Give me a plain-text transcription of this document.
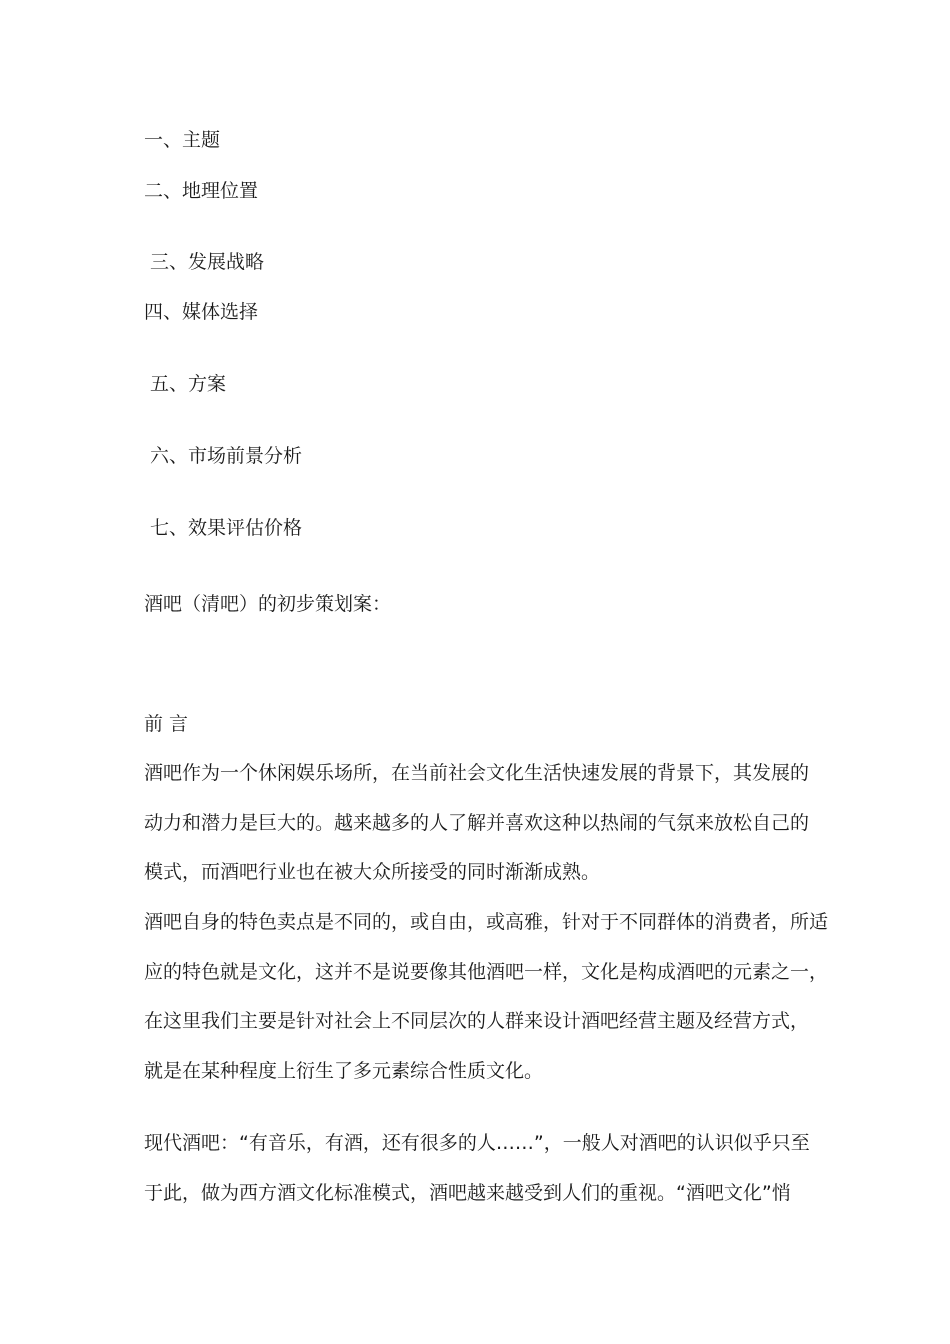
一、主题
二、地理位置
三、发展战略
四、媒体选择
五、方案
六、市场前景分析
七、效果评估价格
酒吧（清吧）的初步策划案：
前 言
酒吧作为一个休闲娱乐场所，在当前社会文化生活快速发展的背景下，其发展的
动力和潜力是巨大的。越来越多的人了解并喜欢这种以热闹的气氛来放松自己的
模式，而酒吧行业也在被大众所接受的同时渐渐成熟。
酒吧自身的特色卖点是不同的，或自由，或高雅，针对于不同群体的消费者，所适
应的特色就是文化，这并不是说要像其他酒吧一样，文化是构成酒吧的元素之一，
在这里我们主要是针对社会上不同层次的人群来设计酒吧经营主题及经营方式，
就是在某种程度上衍生了多元素综合性质文化。
现代酒吧：“有音乐，有酒，还有很多的人……”，一般人对酒吧的认识似乎只至
于此，做为西方酒文化标准模式，酒吧越来越受到人们的重视。“酒吧文化”悄
